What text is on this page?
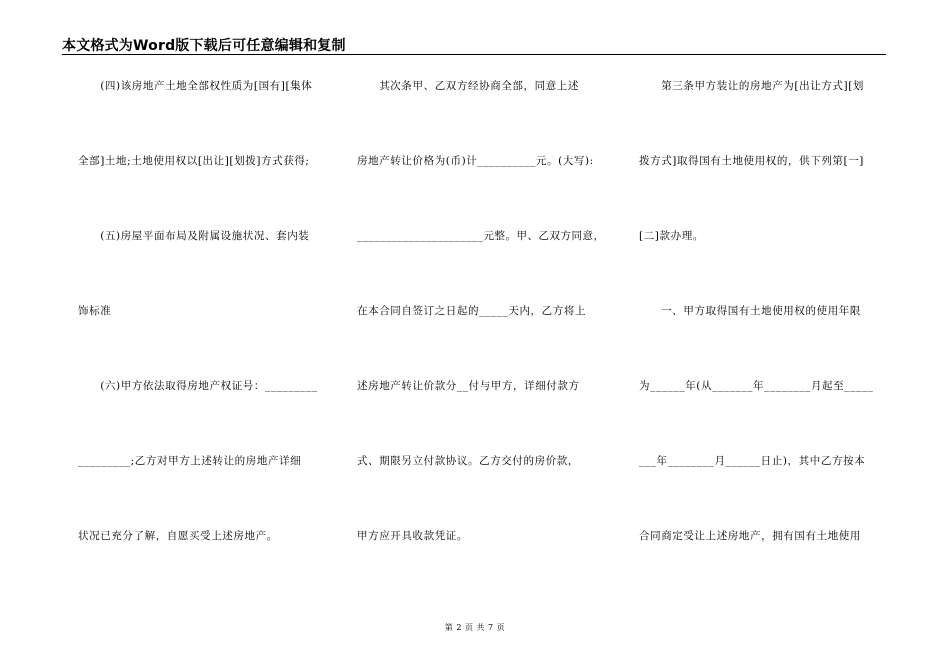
本文格式为Word版下载后可任意编辑和复制
　　(四)该房地产土地全部权性质为[国有][集体
全部]土地;土地使用权以[出让][划拨]方式获得;
　　(五)房屋平面布局及附属设施状况、套内装
饰标准
　　(六)甲方依法取得房地产权证号：_________
_________;乙方对甲方上述转让的房地产详细
状况已充分了解，自愿买受上述房地产。
　　其次条甲、乙双方经协商全部，同意上述
房地产转让价格为(币)计__________元。(大写):
______________________元整。甲、乙双方同意，
在本合同自签订之日起的_____天内，乙方将上
述房地产转让价款分__付与甲方，详细付款方
式、期限另立付款协议。乙方交付的房价款，
甲方应开具收款凭证。
　　第三条甲方装让的房地产为[出让方式][划
拨方式]取得国有土地使用权的，供下列第[一]
[二]款办理。
　　一、甲方取得国有土地使用权的使用年限
为______年(从_______年________月起至_____
___年________月______日止)，其中乙方按本
合同商定受让上述房地产，拥有国有土地使用
第 2 页 共 7 页
